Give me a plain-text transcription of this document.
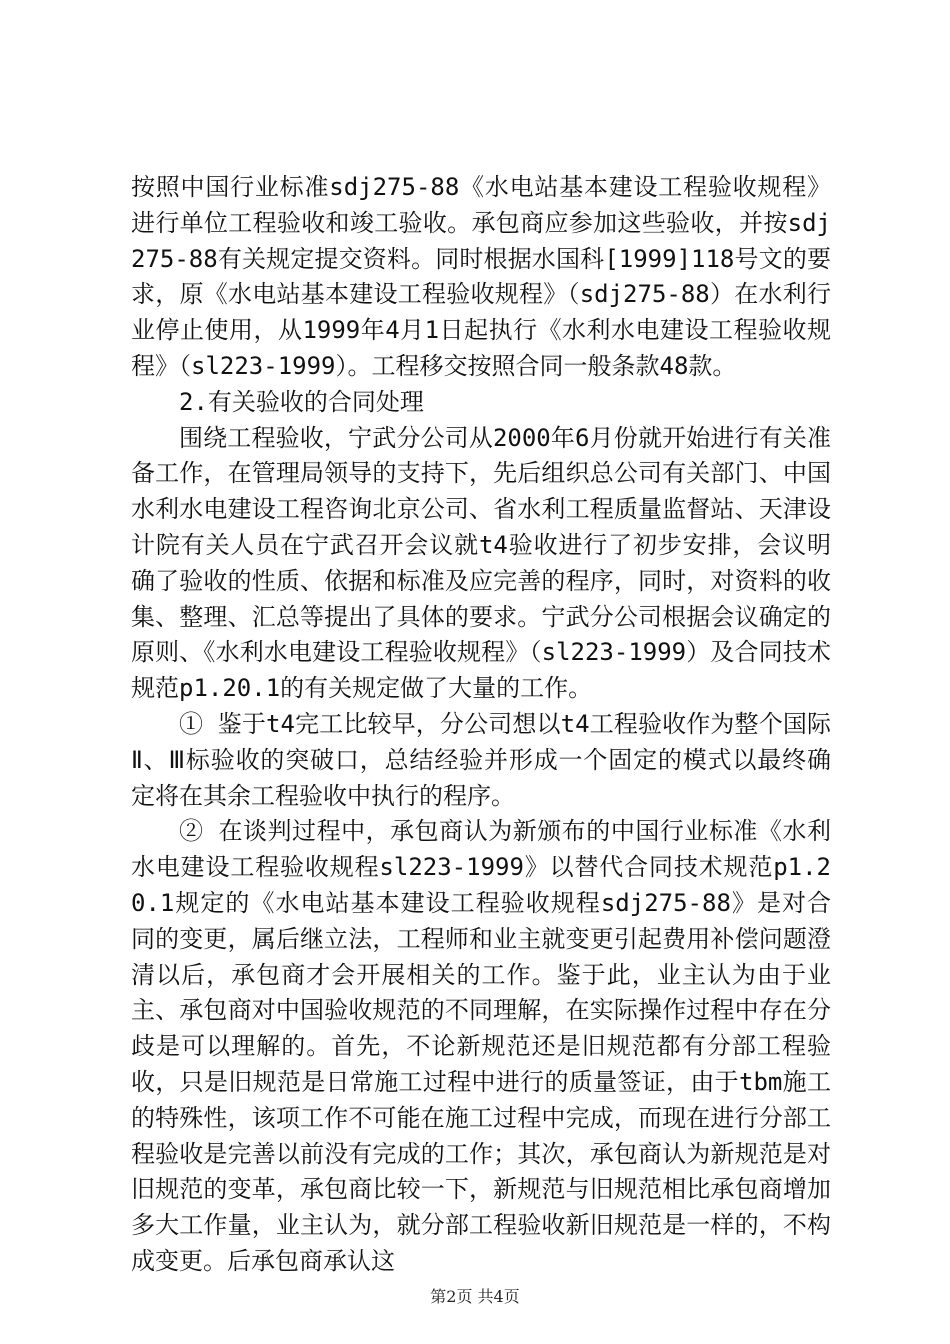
按照中国行业标准sdj275-88《水电站基本建设工程验收规程》进行单位工程验收和竣工验收。承包商应参加这些验收，并按sdj275-88有关规定提交资料。同时根据水国科[1999]118号文的要求，原《水电站基本建设工程验收规程》（sdj275-88）在水利行业停止使用，从1999年4月1日起执行《水利水电建设工程验收规程》（sl223-1999）。工程移交按照合同一般条款48款。

2.有关验收的合同处理

围绕工程验收，宁武分公司从2000年6月份就开始进行有关准备工作，在管理局领导的支持下，先后组织总公司有关部门、中国水利水电建设工程咨询北京公司、省水利工程质量监督站、天津设计院有关人员在宁武召开会议就t4验收进行了初步安排，会议明确了验收的性质、依据和标准及应完善的程序，同时，对资料的收集、整理、汇总等提出了具体的要求。宁武分公司根据会议确定的原则、《水利水电建设工程验收规程》（sl223-1999）及合同技术规范p1.20.1的有关规定做了大量的工作。

① 鉴于t4完工比较早，分公司想以t4工程验收作为整个国际Ⅱ、Ⅲ标验收的突破口，总结经验并形成一个固定的模式以最终确定将在其余工程验收中执行的程序。

② 在谈判过程中，承包商认为新颁布的中国行业标准《水利水电建设工程验收规程sl223-1999》以替代合同技术规范p1.20.1规定的《水电站基本建设工程验收规程sdj275-88》是对合同的变更，属后继立法，工程师和业主就变更引起费用补偿问题澄清以后，承包商才会开展相关的工作。鉴于此，业主认为由于业主、承包商对中国验收规范的不同理解，在实际操作过程中存在分歧是可以理解的。首先，不论新规范还是旧规范都有分部工程验收，只是旧规范是日常施工过程中进行的质量签证，由于tbm施工的特殊性，该项工作不可能在施工过程中完成，而现在进行分部工程验收是完善以前没有完成的工作；其次，承包商认为新规范是对旧规范的变革，承包商比较一下，新规范与旧规范相比承包商增加多大工作量，业主认为，就分部工程验收新旧规范是一样的，不构成变更。后承包商承认这

第2页 共4页
